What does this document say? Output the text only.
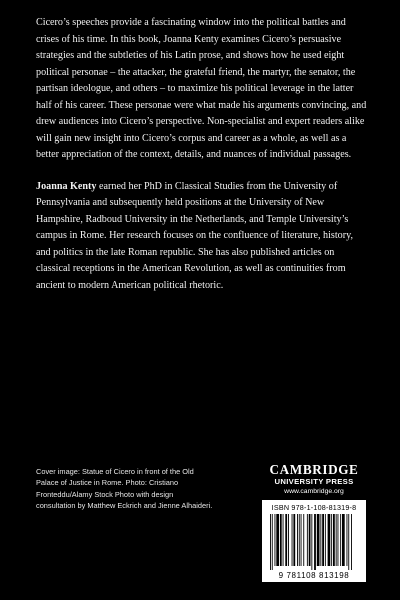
Cicero’s speeches provide a fascinating window into the political battles and crises of his time. In this book, Joanna Kenty examines Cicero’s persuasive strategies and the subtleties of his Latin prose, and shows how he used eight political personae – the attacker, the grateful friend, the martyr, the senator, the partisan ideologue, and others – to maximize his political leverage in the latter half of his career. These personae were what made his arguments convincing, and drew audiences into Cicero’s perspective. Non-specialist and expert readers alike will gain new insight into Cicero’s corpus and career as a whole, as well as a better appreciation of the context, details, and nuances of individual passages.

Joanna Kenty earned her PhD in Classical Studies from the University of Pennsylvania and subsequently held positions at the University of New Hampshire, Radboud University in the Netherlands, and Temple University’s campus in Rome. Her research focuses on the confluence of literature, history, and politics in the late Roman republic. She has also published articles on classical receptions in the American Revolution, as well as continuities from ancient to modern American political rhetoric.

Cover image: Statue of Cicero in front of the Old Palace of Justice in Rome. Photo: Cristiano Fronteddu/Alamy Stock Photo with design consultation by Matthew Eckrich and Jienne Alhaideri.
CAMBRIDGE
UNIVERSITY PRESS
www.cambridge.org
ISBN 978-1-108-81319-8
9 781108 813198
